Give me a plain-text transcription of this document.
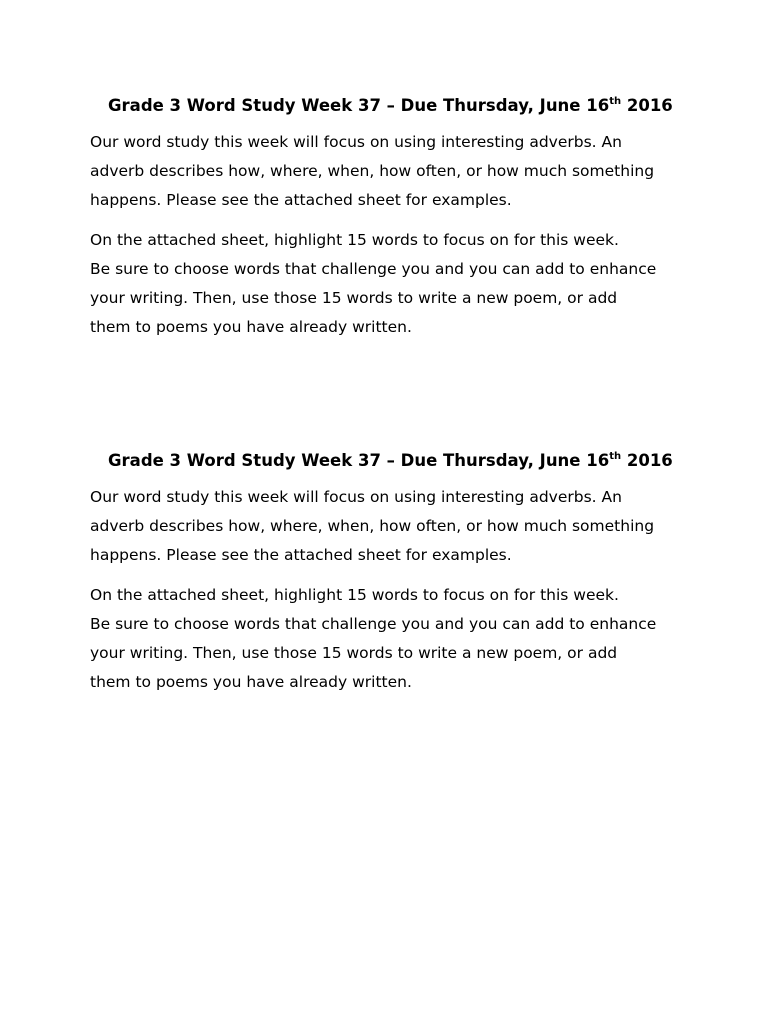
Grade 3 Word Study Week 37 – Due Thursday, June 16th 2016
Our word study this week will focus on using interesting adverbs. An
adverb describes how, where, when, how often, or how much something
happens. Please see the attached sheet for examples.
On the attached sheet, highlight 15 words to focus on for this week.
Be sure to choose words that challenge you and you can add to enhance
your writing. Then, use those 15 words to write a new poem, or add
them to poems you have already written.
Grade 3 Word Study Week 37 – Due Thursday, June 16th 2016
Our word study this week will focus on using interesting adverbs. An
adverb describes how, where, when, how often, or how much something
happens. Please see the attached sheet for examples.
On the attached sheet, highlight 15 words to focus on for this week.
Be sure to choose words that challenge you and you can add to enhance
your writing. Then, use those 15 words to write a new poem, or add
them to poems you have already written.
